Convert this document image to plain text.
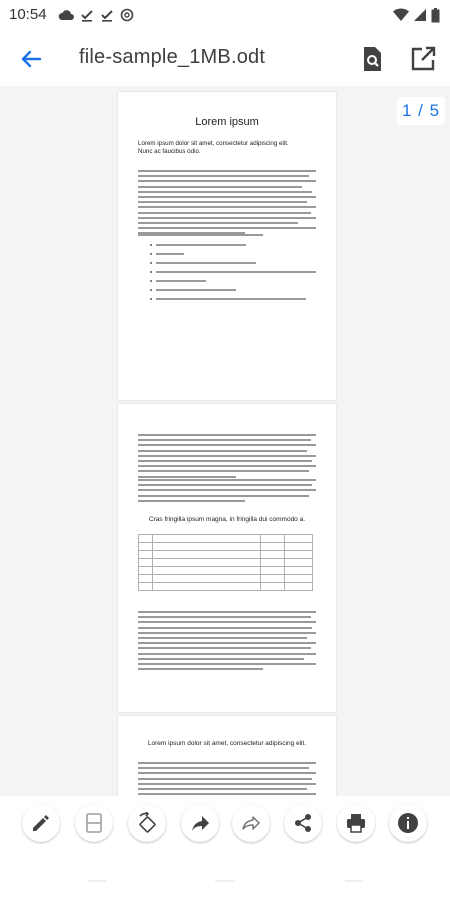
10:54
file-sample_1MB.odt
Lorem ipsum
Lorem ipsum dolor sit amet, consectetur adipiscing elit.
Nunc ac faucibus odio.
Cras fringilla ipsum magna, in fringilla dui commodo a.

Lorem ipsum dolor sit amet, consectetur adipiscing elit.
1 / 5
